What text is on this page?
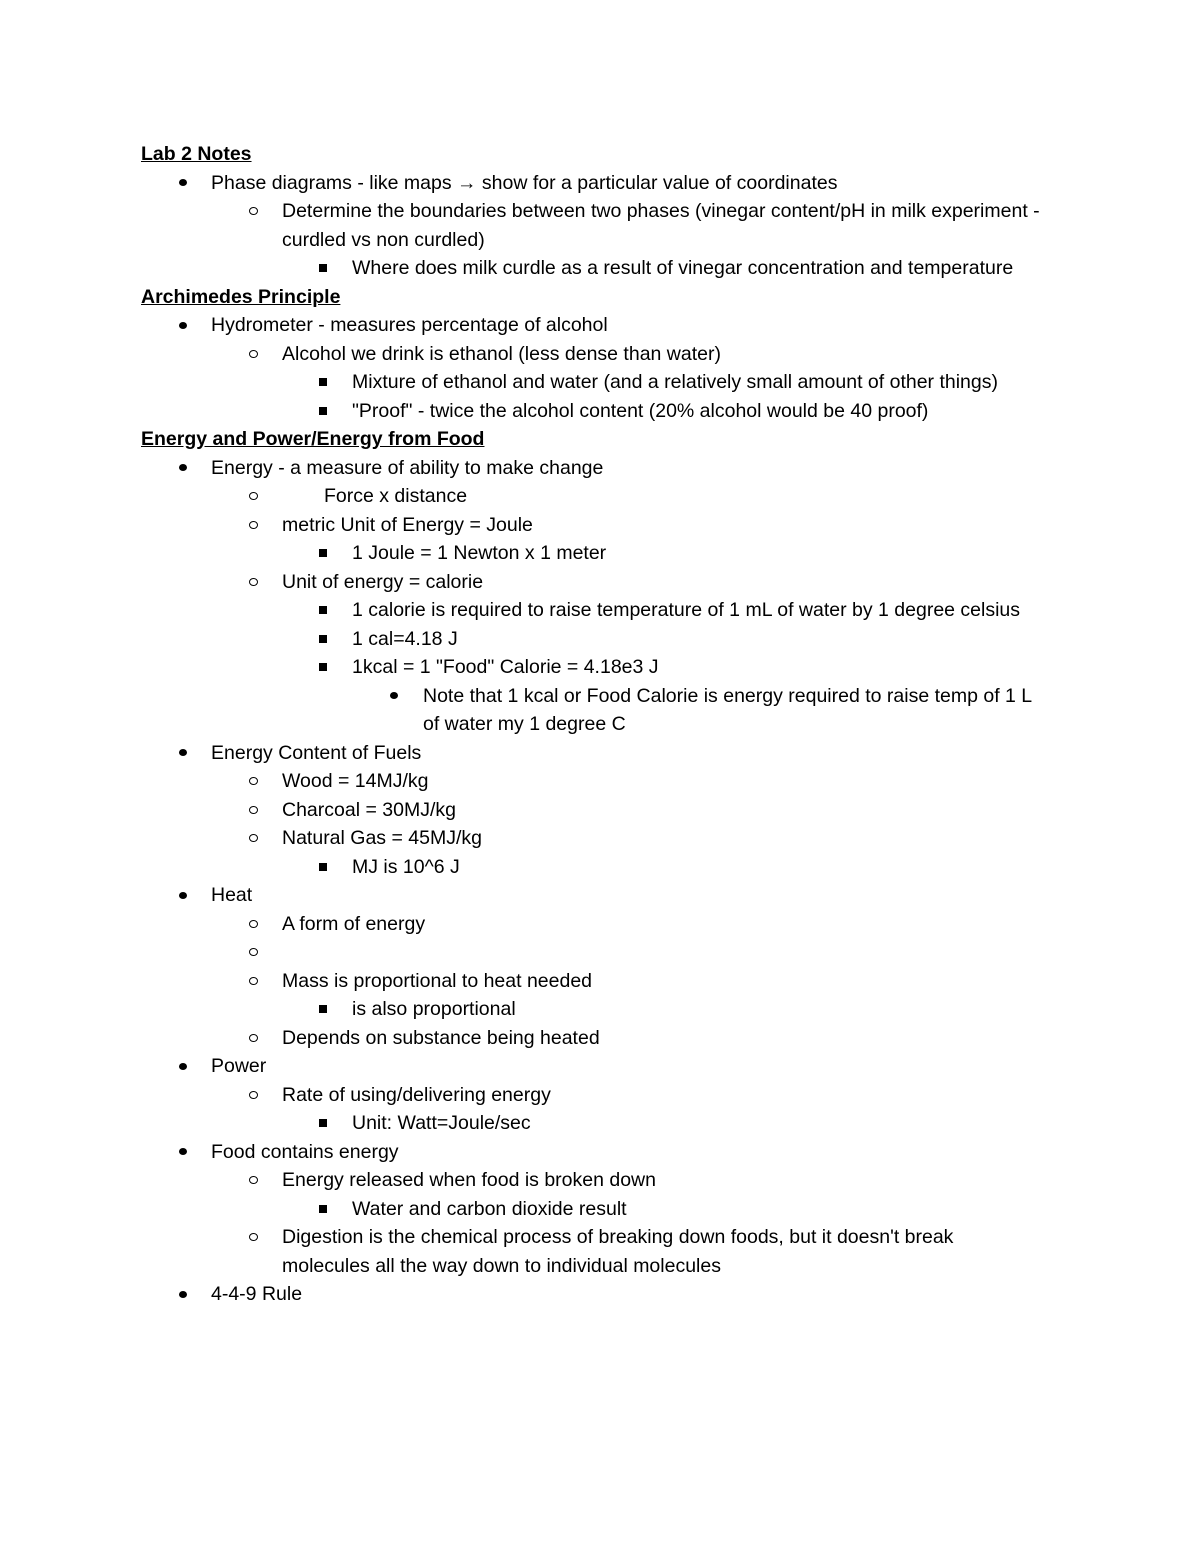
Lab 2 Notes
Phase diagrams - like maps → show for a particular value of coordinates
Determine the boundaries between two phases (vinegar content/pH in milk experiment - curdled vs non curdled)
Where does milk curdle as a result of vinegar concentration and temperature
Archimedes Principle
Hydrometer - measures percentage of alcohol
Alcohol we drink is ethanol (less dense than water)
Mixture of ethanol and water (and a relatively small amount of other things)
"Proof" - twice the alcohol content (20% alcohol would be 40 proof)
Energy and Power/Energy from Food
Energy - a measure of ability to make change
Force x distance
metric Unit of Energy = Joule
1 Joule = 1 Newton x 1 meter
Unit of energy = calorie
1 calorie is required to raise temperature of 1 mL of water by 1 degree celsius
1 cal=4.18 J
1kcal = 1 "Food" Calorie = 4.18e3 J
Note that 1 kcal or Food Calorie is energy required to raise temp of 1 L of water my 1 degree C
Energy Content of Fuels
Wood = 14MJ/kg
Charcoal = 30MJ/kg
Natural Gas = 45MJ/kg
MJ is 10^6 J
Heat
A form of energy
Mass is proportional to heat needed
is also proportional
Depends on substance being heated
Power
Rate of using/delivering energy
Unit: Watt=Joule/sec
Food contains energy
Energy released when food is broken down
Water and carbon dioxide result
Digestion is the chemical process of breaking down foods, but it doesn't break molecules all the way down to individual molecules
4-4-9 Rule
